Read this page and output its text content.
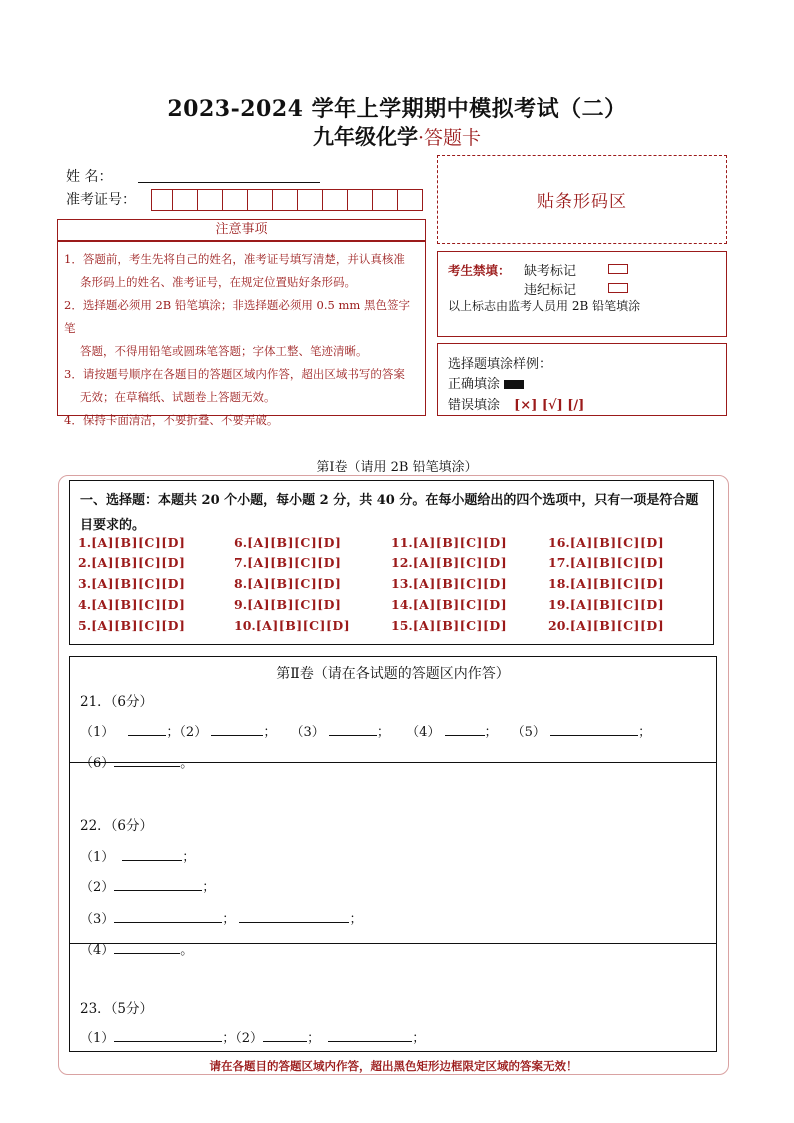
2023-2024 学年上学期期中模拟考试（二）
九年级化学·答题卡
姓 名：
准考证号：	贴条形码区
注意事项

1．答题前，考生先将自己的姓名，准考证号填写清楚，并认真核准

条形码上的姓名、准考证号，在规定位置贴好条形码。

2．选择题必须用 2B 铅笔填涂；非选择题必须用 0.5 mm 黑色签字笔

答题，不得用铅笔或圆珠笔答题；字体工整、笔迹清晰。

3．请按题号顺序在各题目的答题区域内作答，超出区域书写的答案

无效；在草稿纸、试题卷上答题无效。

4．保持卡面清洁，不要折叠、不要弄破。

考生禁填： 缺考标记
违纪标记
以上标志由监考人员用 2B 铅笔填涂
选择题填涂样例：
正确填涂
错误填涂 [×] [√] [/]
第Ⅰ卷（请用 2B 铅笔填涂）
一、选择题：本题共 20 个小题，每小题 2 分，共 40 分。在每小题给出的四个选项中，只有一项是符合题目要求的。
1.[A][B][C][D]	6.[A][B][C][D]	11.[A][B][C][D]	16.[A][B][C][D]
2.[A][B][C][D]	7.[A][B][C][D]	12.[A][B][C][D]	17.[A][B][C][D]
3.[A][B][C][D]	8.[A][B][C][D]	13.[A][B][C][D]	18.[A][B][C][D]
4.[A][B][C][D]	9.[A][B][C][D]	14.[A][B][C][D]	19.[A][B][C][D]
5.[A][B][C][D]	10.[A][B][C][D]	15.[A][B][C][D]	20.[A][B][C][D]
第Ⅱ卷（请在各试题的答题区内作答）
21．（6分）
（1）	；（2）	； （3）	； （4）	； （5）	；
（6）	。
22．（6分）
（1）	；
（2）	；
（3）	；	；
（4）	。
23．（5分）
（1）	；（2）	；	；
请在各题目的答题区域内作答，超出黑色矩形边框限定区域的答案无效！
